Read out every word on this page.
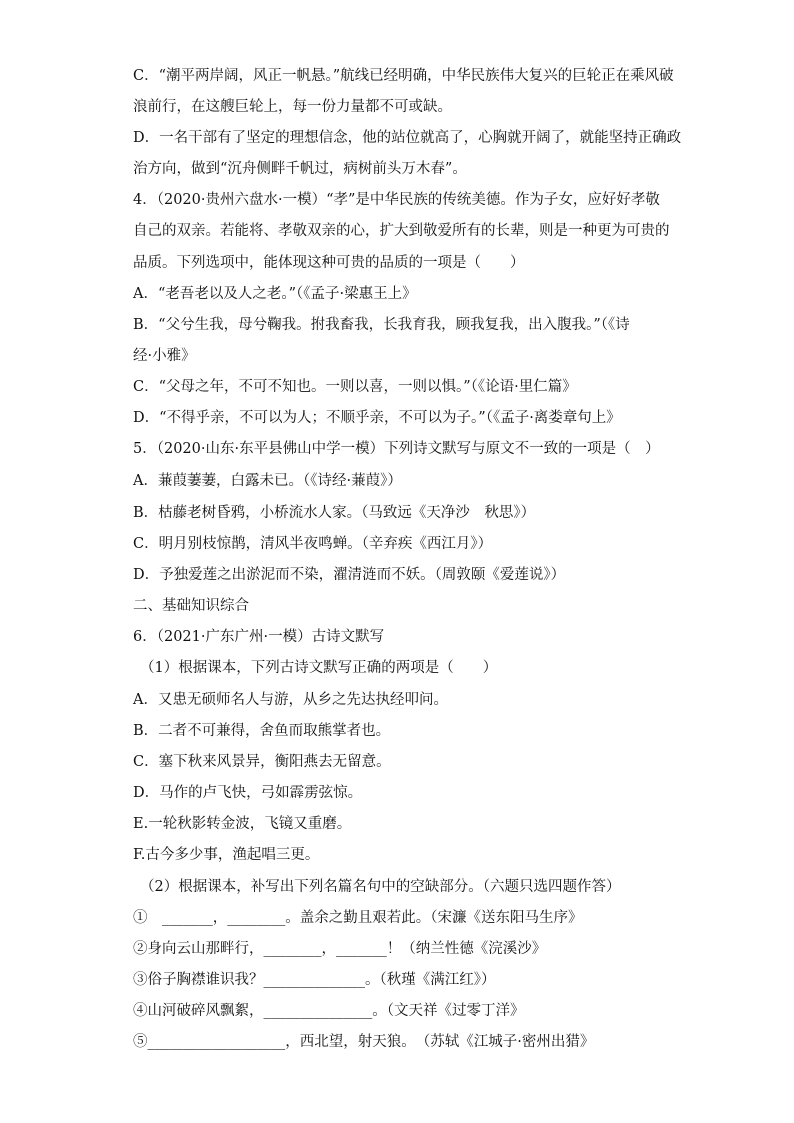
C．“潮平两岸阔，风正一帆悬。”航线已经明确，中华民族伟大复兴的巨轮正在乘风破
浪前行，在这艘巨轮上，每一份力量都不可或缺。
D．一名干部有了坚定的理想信念，他的站位就高了，心胸就开阔了，就能坚持正确政
治方向，做到“沉舟侧畔千帆过，病树前头万木春”。
4．（2020·贵州六盘水·一模）“孝”是中华民族的传统美德。作为子女，应好好孝敬
自己的双亲。若能将、孝敬双亲的心，扩大到敬爱所有的长辈，则是一种更为可贵的
品质。下列选项中，能体现这种可贵的品质的一项是（　　）
A．“老吾老以及人之老。”（《孟子·梁惠王上》
B．“父兮生我，母兮鞠我。拊我畜我，长我育我，顾我复我，出入腹我。”（《诗
经·小雅》
C．“父母之年，不可不知也。一则以喜，一则以惧。”（《论语·里仁篇》
D．“不得乎亲，不可以为人；不顺乎亲，不可以为子。”（《孟子·离娄章句上》
5．（2020·山东·东平县佛山中学一模）下列诗文默写与原文不一致的一项是（　）
B．枯藤老树昏鸦，小桥流水人家。（马致远《天净沙　秋思》）
A．蒹葭萋萋，白露未已。（《诗经·蒹葭》）
C．明月别枝惊鹊，清风半夜鸣蝉。（辛弃疾《西江月》）
D．予独爱莲之出淤泥而不染，濯清涟而不妖。（周敦颐《爱莲说》）
二、基础知识综合
6．（2021·广东广州·一模）古诗文默写
（1）根据课本，下列古诗文默写正确的两项是（　　）
A．又患无硕师名人与游，从乡之先达执经叩问。
B．二者不可兼得，舍鱼而取熊掌者也。
C．塞下秋来风景异，衡阳燕去无留意。
D．马作的卢飞快，弓如霹雳弦惊。
E.一轮秋影转金波，飞镜又重磨。
F.古今多少事，渔起唱三更。
（2）根据课本，补写出下列名篇名句中的空缺部分。（六题只选四题作答）
①　_______，________。盖余之勤且艰若此。（宋濂《送东阳马生序》
②身向云山那畔行，________，_______！（纳兰性德《浣溪沙》
③俗子胸襟谁识我？______________。（秋瑾《满江红》）
④山河破碎风飘絮，_______________。（文天祥《过零丁洋》
⑤___________________，西北望，射天狼。　（苏轼《江城子·密州出猎》
